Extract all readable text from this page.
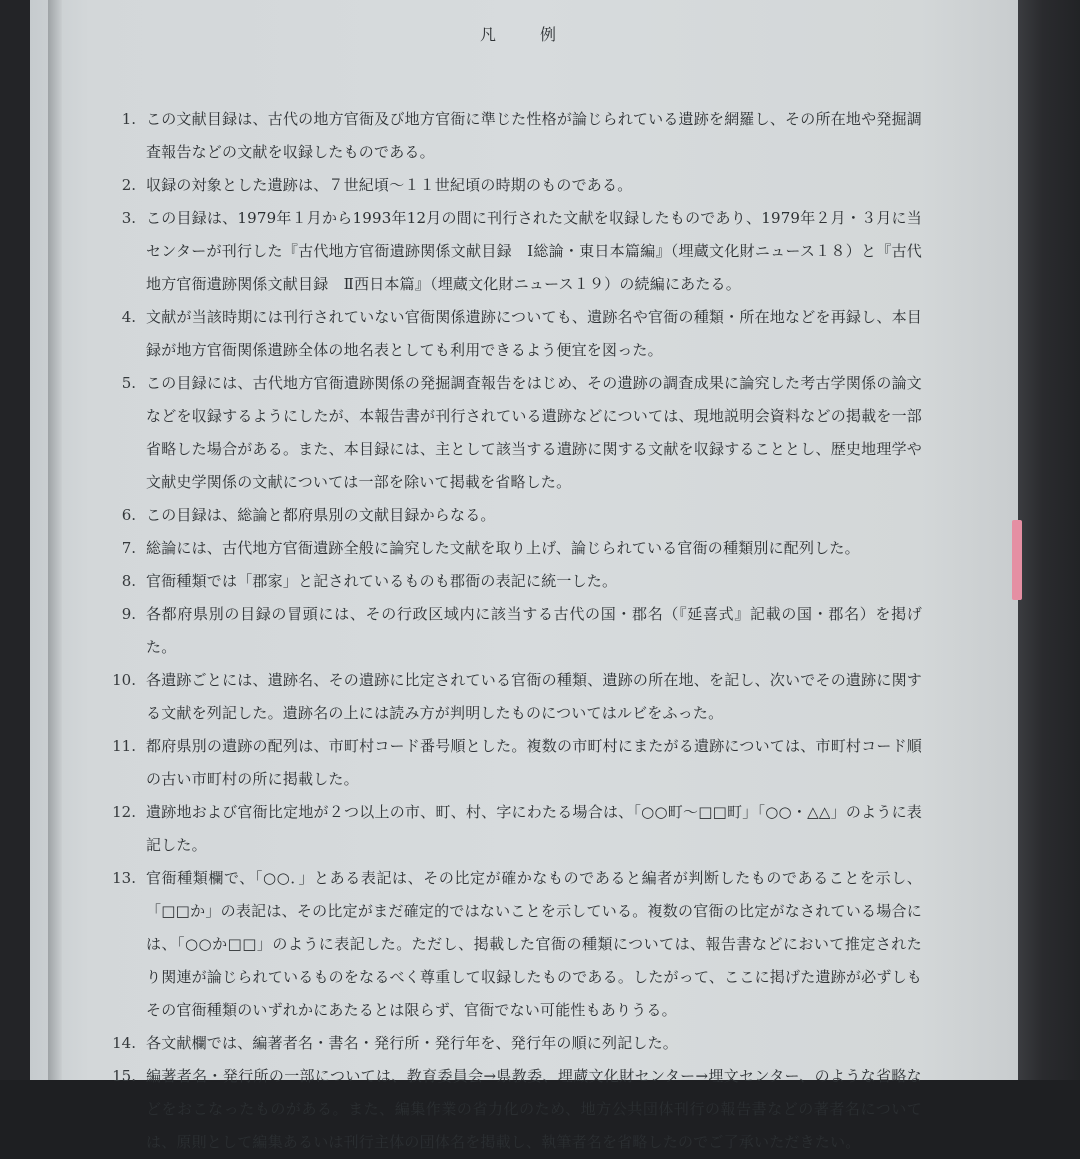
凡　例
1. この文献目録は、古代の地方官衙及び地方官衙に準じた性格が論じられている遺跡を網羅し、その所在地や発掘調査報告などの文献を収録したものである。
2. 収録の対象とした遺跡は、７世紀頃〜１１世紀頃の時期のものである。
3. この目録は、1979年１月から1993年12月の間に刊行された文献を収録したものであり、1979年２月・３月に当センターが刊行した『古代地方官衙遺跡関係文献目録　Ⅰ総論・東日本篇編』（埋蔵文化財ニュース１８）と『古代地方官衙遺跡関係文献目録　Ⅱ西日本篇』（埋蔵文化財ニュース１９）の続編にあたる。
4. 文献が当該時期には刊行されていない官衙関係遺跡についても、遺跡名や官衙の種類・所在地などを再録し、本目録が地方官衙関係遺跡全体の地名表としても利用できるよう便宜を図った。
5. この目録には、古代地方官衙遺跡関係の発掘調査報告をはじめ、その遺跡の調査成果に論究した考古学関係の論文などを収録するようにしたが、本報告書が刊行されている遺跡などについては、現地説明会資料などの掲載を一部省略した場合がある。また、本目録には、主として該当する遺跡に関する文献を収録することとし、歴史地理学や文献史学関係の文献については一部を除いて掲載を省略した。
6. この目録は、総論と都府県別の文献目録からなる。
7. 総論には、古代地方官衙遺跡全般に論究した文献を取り上げ、論じられている官衙の種類別に配列した。
8. 官衙種類では「郡家」と記されているものも郡衙の表記に統一した。
9. 各都府県別の目録の冒頭には、その行政区域内に該当する古代の国・郡名（『延喜式』記載の国・郡名）を掲げた。
10. 各遺跡ごとには、遺跡名、その遺跡に比定されている官衙の種類、遺跡の所在地、を記し、次いでその遺跡に関する文献を列記した。遺跡名の上には読み方が判明したものについてはルビをふった。
11. 都府県別の遺跡の配列は、市町村コード番号順とした。複数の市町村にまたがる遺跡については、市町村コード順の古い市町村の所に掲載した。
12. 遺跡地および官衙比定地が２つ以上の市、町、村、字にわたる場合は、「○○町〜□□町」「○○・△△」のように表記した。
13. 官衙種類欄で、「○○．」とある表記は、その比定が確かなものであると編者が判断したものであることを示し、「□□か」の表記は、その比定がまだ確定的ではないことを示している。複数の官衙の比定がなされている場合には、「○○か□□」のように表記した。ただし、掲載した官衙の種類については、報告書などにおいて推定されたり関連が論じられているものをなるべく尊重して収録したものである。したがって、ここに掲げた遺跡が必ずしもその官衙種類のいずれかにあたるとは限らず、官衙でない可能性もありうる。
14. 各文献欄では、編著者名・書名・発行所・発行年を、発行年の順に列記した。
15. 編著者名・発行所の一部については、教育委員会→県教委、埋蔵文化財センター→埋文センター、のような省略などをおこなったものがある。また、編集作業の省力化のため、地方公共団体刊行の報告書などの著者名については、原則として編集あるいは刊行主体の団体名を掲載し、執筆者名を省略したのでご了承いただきたい。
